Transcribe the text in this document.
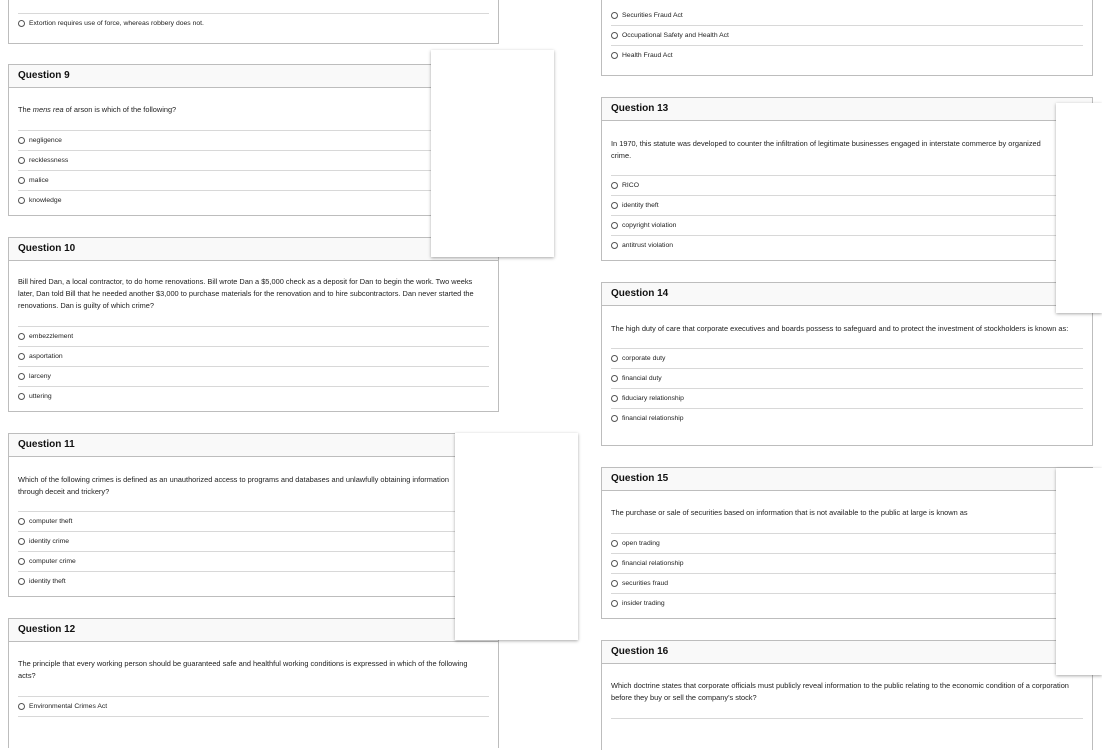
Extortion requires use of force, whereas robbery does not.
Question 9
The mens rea of arson is which of the following?
negligence
recklessness
malice
knowledge
Question 10
Bill hired Dan, a local contractor, to do home renovations. Bill wrote Dan a $5,000 check as a deposit for Dan to begin the work. Two weeks later, Dan told Bill that he needed another $3,000 to purchase materials for the renovation and to hire subcontractors. Dan never started the renovations. Dan is guilty of which crime?
embezzlement
asportation
larceny
uttering
Question 11
Which of the following crimes is defined as an unauthorized access to programs and databases and unlawfully obtaining information through deceit and trickery?
computer theft
identity crime
computer crime
identity theft
Question 12
The principle that every working person should be guaranteed safe and healthful working conditions is expressed in which of the following acts?
Environmental Crimes Act
Securities Fraud Act
Occupational Safety and Health Act
Health Fraud Act
Question 13
In 1970, this statute was developed to counter the infiltration of legitimate businesses engaged in interstate commerce by organized crime.
RICO
identity theft
copyright violation
antitrust violation
Question 14
The high duty of care that corporate executives and boards possess to safeguard and to protect the investment of stockholders is known as:
corporate duty
financial duty
fiduciary relationship
financial relationship
Question 15
The purchase or sale of securities based on information that is not available to the public at large is known as
open trading
financial relationship
securities fraud
insider trading
Question 16
Which doctrine states that corporate officials must publicly reveal information to the public relating to the economic condition of a corporation before they buy or sell the company's stock?
